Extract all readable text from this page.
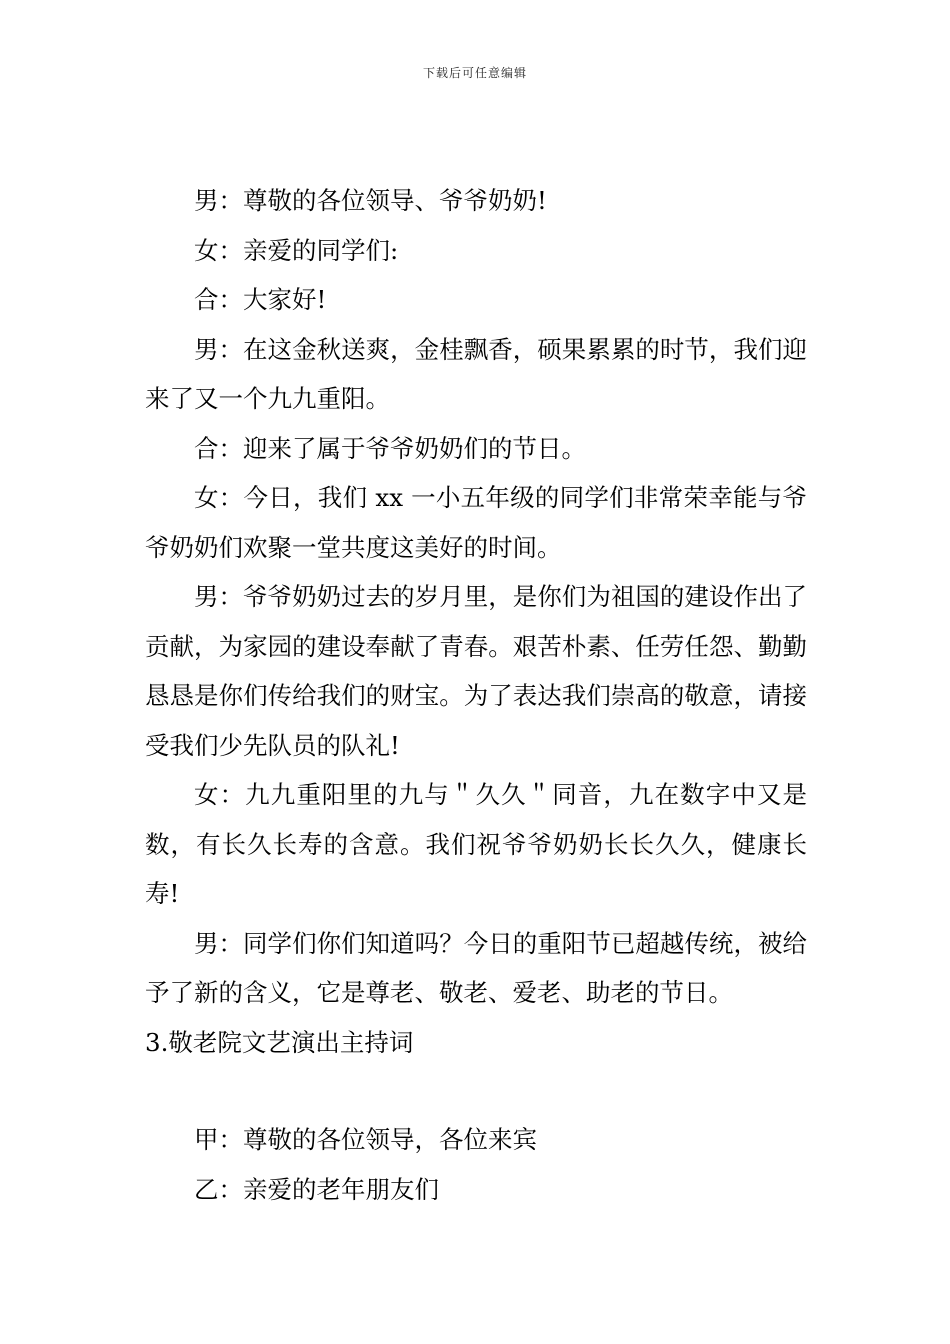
下载后可任意编辑

男：尊敬的各位领导、爷爷奶奶!

女：亲爱的同学们:

合：大家好!

男：在这金秋送爽，金桂飘香，硕果累累的时节，我们迎来了又一个九九重阳。

合：迎来了属于爷爷奶奶们的节日。

女：今日，我们 xx 一小五年级的同学们非常荣幸能与爷爷奶奶们欢聚一堂共度这美好的时间。

男：爷爷奶奶过去的岁月里，是你们为祖国的建设作出了贡献，为家园的建设奉献了青春。艰苦朴素、任劳任怨、勤勤恳恳是你们传给我们的财宝。为了表达我们崇高的敬意，请接受我们少先队员的队礼!

女：九九重阳里的九与＂久久＂同音，九在数字中又是数，有长久长寿的含意。我们祝爷爷奶奶长长久久，健康长寿!

男：同学们你们知道吗？今日的重阳节已超越传统，被给予了新的含义，它是尊老、敬老、爱老、助老的节日。

3.敬老院文艺演出主持词

甲：尊敬的各位领导，各位来宾

乙：亲爱的老年朋友们
